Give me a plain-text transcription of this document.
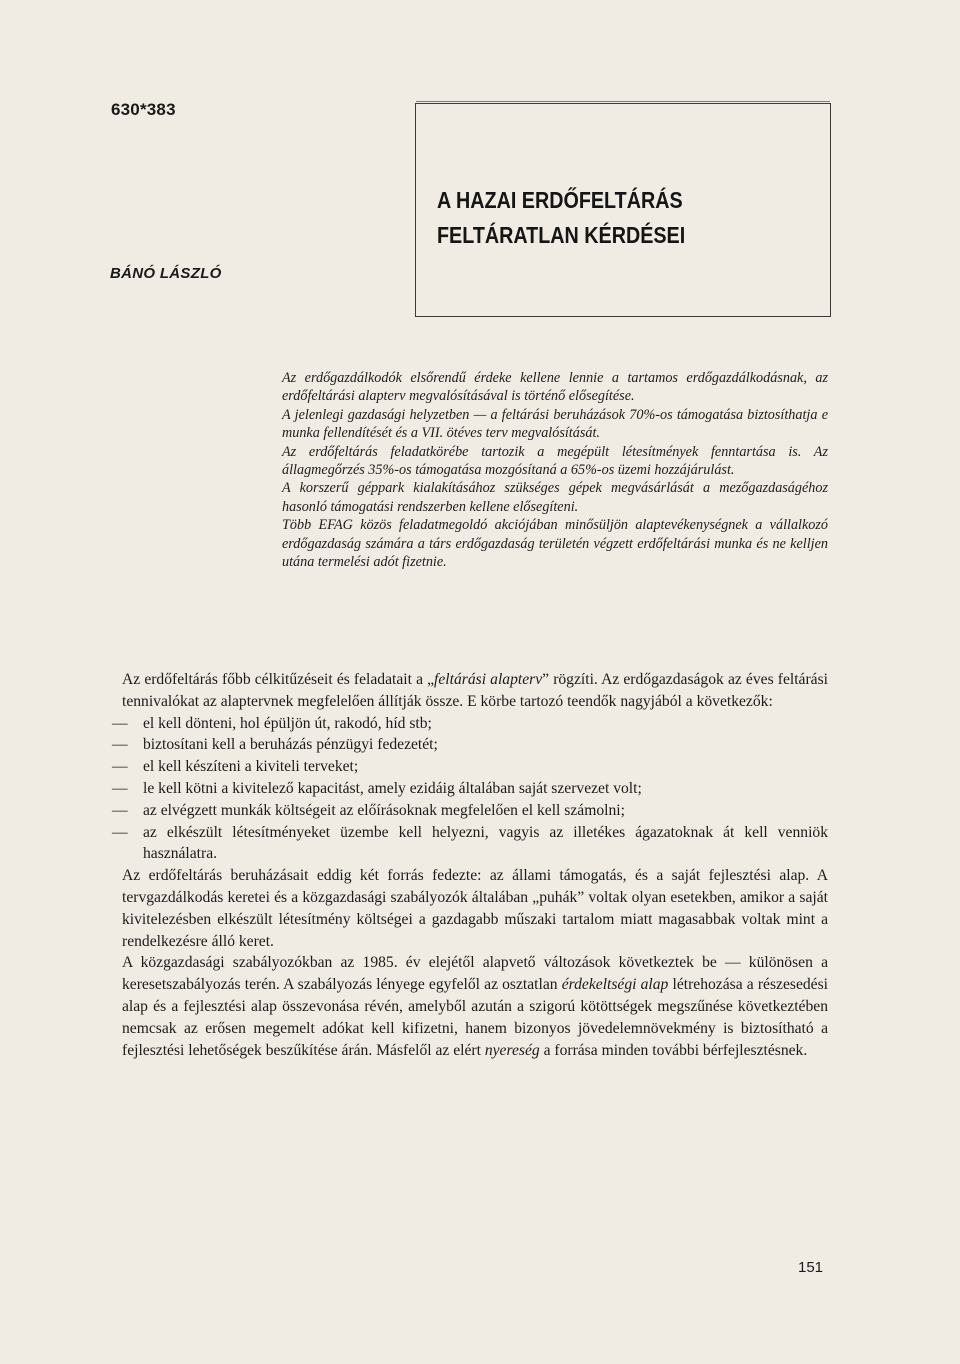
630*383
A HAZAI ERDŐFELTÁRÁS
FELTÁRATLAN KÉRDÉSEI
BÁNÓ LÁSZLÓ

Az erdőgazdálkodók elsőrendű érdeke kellene lennie a tartamos erdőgazdálkodásnak, az erdőfeltárási alapterv megvalósításával is történő elősegítése.

A jelenlegi gazdasági helyzetben — a feltárási beruházások 70%-os támogatása biztosíthatja e munka fellendítését és a VII. ötéves terv megvalósítását.

Az erdőfeltárás feladatkörébe tartozik a megépült létesítmények fenntartása is. Az állagmegőrzés 35%-os támogatása mozgósítaná a 65%-os üzemi hozzájárulást.

A korszerű géppark kialakításához szükséges gépek megvásárlását a mezőgazdaságéhoz hasonló támogatási rendszerben kellene elősegíteni.

Több EFAG közös feladatmegoldó akciójában minősüljön alaptevékenységnek a vállalkozó erdőgazdaság számára a társ erdőgazdaság területén végzett erdőfeltárási munka és ne kelljen utána termelési adót fizetnie.

Az erdőfeltárás főbb célkitűzéseit és feladatait a „feltárási alapterv” rögzíti. Az erdőgazdaságok az éves feltárási tennivalókat az alaptervnek megfelelően állítják össze. E körbe tartozó teendők nagyjából a következők:

— el kell dönteni, hol épüljön út, rakodó, híd stb;

— biztosítani kell a beruházás pénzügyi fedezetét;

— el kell készíteni a kiviteli terveket;

— le kell kötni a kivitelező kapacitást, amely ezidáig általában saját szervezet volt;

— az elvégzett munkák költségeit az előírásoknak megfelelően el kell számolni;

— az elkészült létesítményeket üzembe kell helyezni, vagyis az illetékes ágazatoknak át kell venniök használatra.

Az erdőfeltárás beruházásait eddig két forrás fedezte: az állami támogatás, és a saját fejlesztési alap. A tervgazdálkodás keretei és a közgazdasági szabályozók általában „puhák” voltak olyan esetekben, amikor a saját kivitelezésben elkészült létesítmény költségei a gazdagabb műszaki tartalom miatt magasabbak voltak mint a rendelkezésre álló keret.

A közgazdasági szabályozókban az 1985. év elejétől alapvető változások következtek be — különösen a keresetszabályozás terén. A szabályozás lényege egyfelől az osztatlan érdekeltségi alap létrehozása a részesedési alap és a fejlesztési alap összevonása révén, amelyből azután a szigorú kötöttségek megszűnése következtében nemcsak az erősen megemelt adókat kell kifizetni, hanem bizonyos jövedelemnövekmény is biztosítható a fejlesztési lehetőségek beszűkítése árán. Másfelől az elért nyereség a forrása minden további bérfejlesztésnek.

151
